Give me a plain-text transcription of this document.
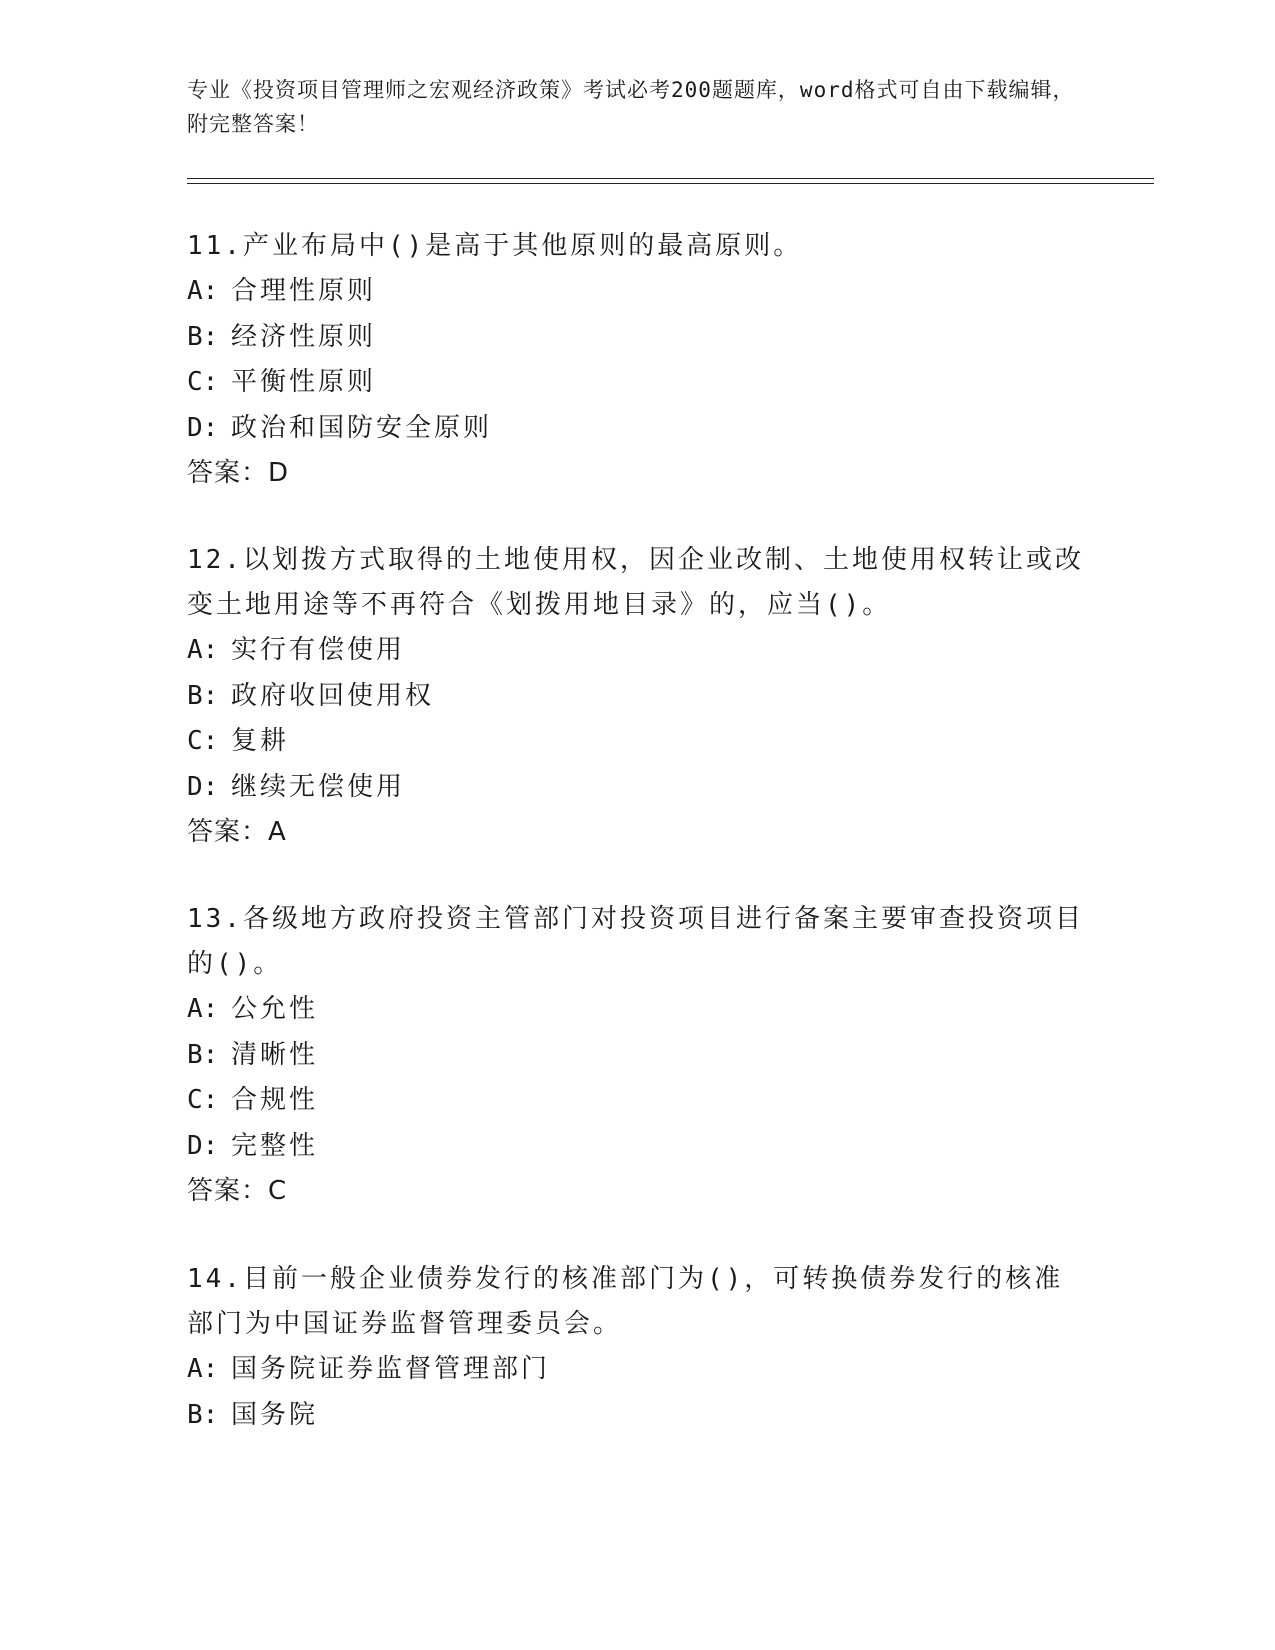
专业《投资项目管理师之宏观经济政策》考试必考200题题库，word格式可自由下载编辑，附完整答案！

11.产业布局中()是高于其他原则的最高原则。

A: 合理性原则

B: 经济性原则

C: 平衡性原则

D: 政治和国防安全原则

答案：D

12.以划拨方式取得的土地使用权，因企业改制、土地使用权转让或改变土地用途等不再符合《划拨用地目录》的，应当()。

A: 实行有偿使用

B: 政府收回使用权

C: 复耕

D: 继续无偿使用

答案：A

13.各级地方政府投资主管部门对投资项目进行备案主要审查投资项目的()。

A: 公允性

B: 清晰性

C: 合规性

D: 完整性

答案：C

14.目前一般企业债券发行的核准部门为()，可转换债券发行的核准部门为中国证券监督管理委员会。

A: 国务院证券监督管理部门

B: 国务院
